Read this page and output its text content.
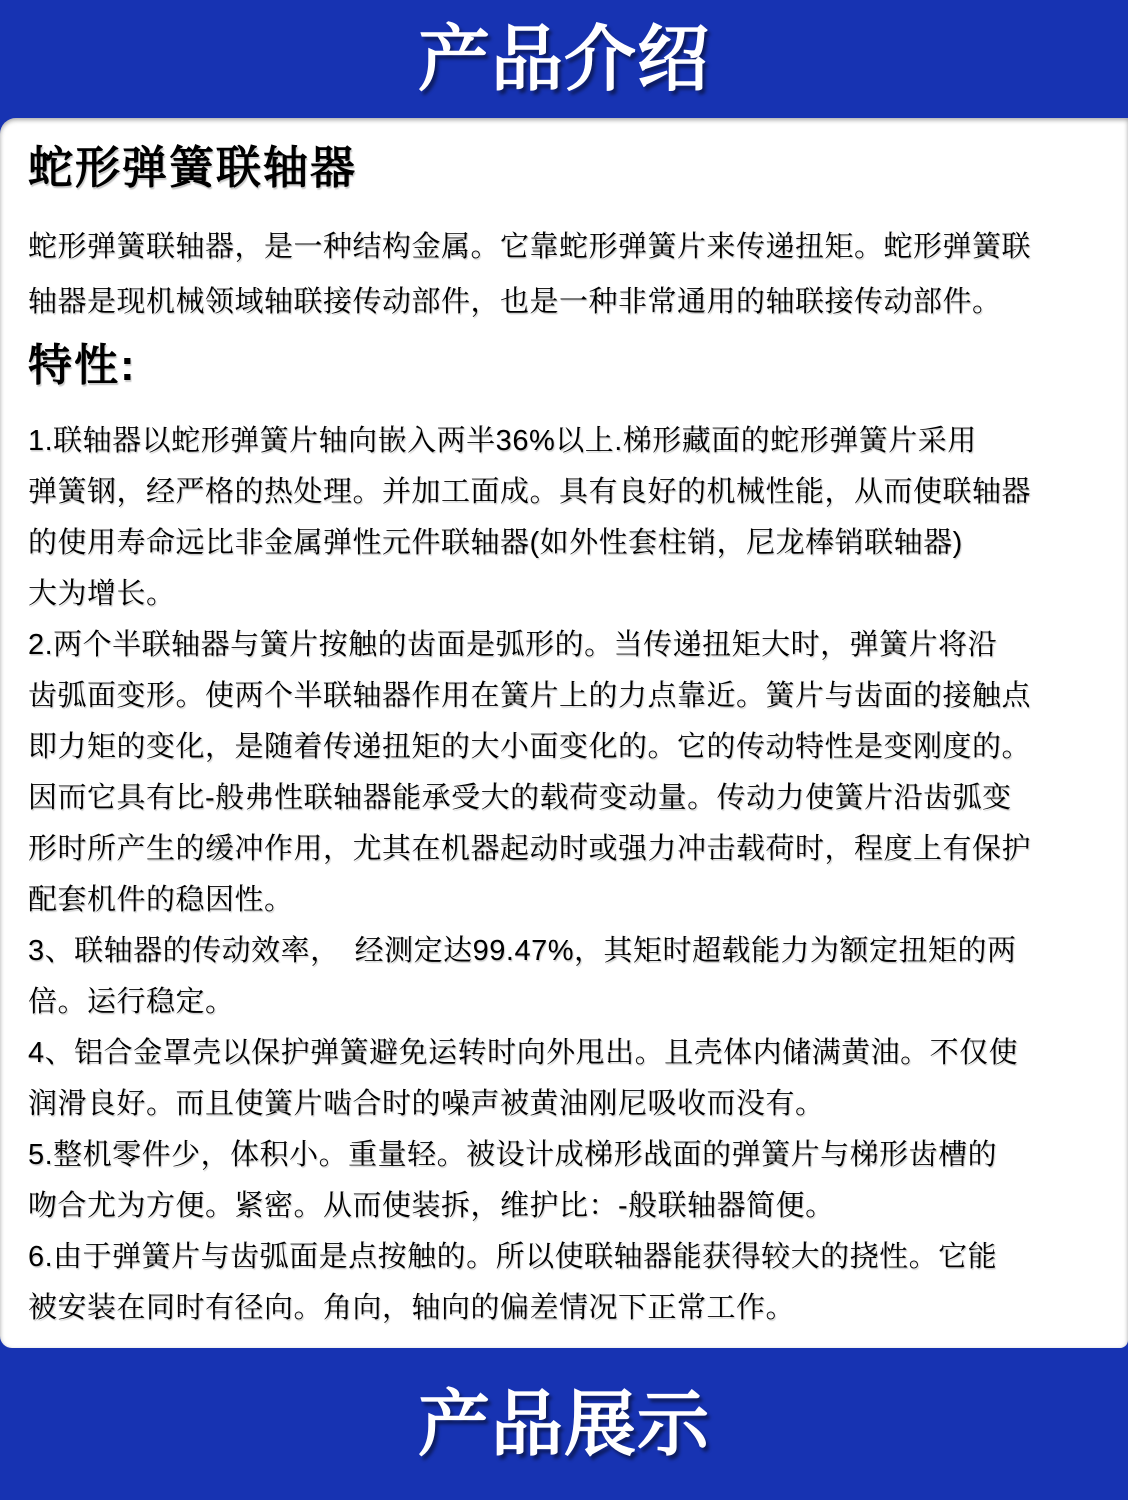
产品介绍
蛇形弹簧联轴器
蛇形弹簧联轴器，是一种结构金属。它靠蛇形弹簧片来传递扭矩。蛇形弹簧联
轴器是现机械领域轴联接传动部件，也是一种非常通用的轴联接传动部件。
特性:
1.联轴器以蛇形弹簧片轴向嵌入两半36%以上.梯形藏面的蛇形弹簧片采用
弹簧钢，经严格的热处理。并加工面成。具有良好的机械性能，从而使联轴器
的使用寿命远比非金属弹性元件联轴器(如外性套柱销，尼龙棒销联轴器)
大为增长。
2.两个半联轴器与簧片按触的齿面是弧形的。当传递扭矩大时，弹簧片将沿
齿弧面变形。使两个半联轴器作用在簧片上的力点靠近。簧片与齿面的接触点
即力矩的变化，是随着传递扭矩的大小面变化的。它的传动特性是变刚度的。
因而它具有比-般弗性联轴器能承受大的载荷变动量。传动力使簧片沿齿弧变
形时所产生的缓冲作用，尤其在机器起动时或强力冲击载荷时，程度上有保护
配套机件的稳因性。
3、联轴器的传动效率，　经测定达99.47%，其矩时超载能力为额定扭矩的两
倍。运行稳定。
4、铝合金罩壳以保护弹簧避免运转时向外甩出。且壳体内储满黄油。不仅使
润滑良好。而且使簧片啮合时的噪声被黄油刚尼吸收而没有。
5.整机零件少，体积小。重量轻。被设计成梯形战面的弹簧片与梯形齿槽的
吻合尤为方便。紧密。从而使装拆，维护比：-般联轴器简便。
6.由于弹簧片与齿弧面是点按触的。所以使联轴器能获得较大的挠性。它能
被安装在同时有径向。角向，轴向的偏差情况下正常工作。
产品展示
